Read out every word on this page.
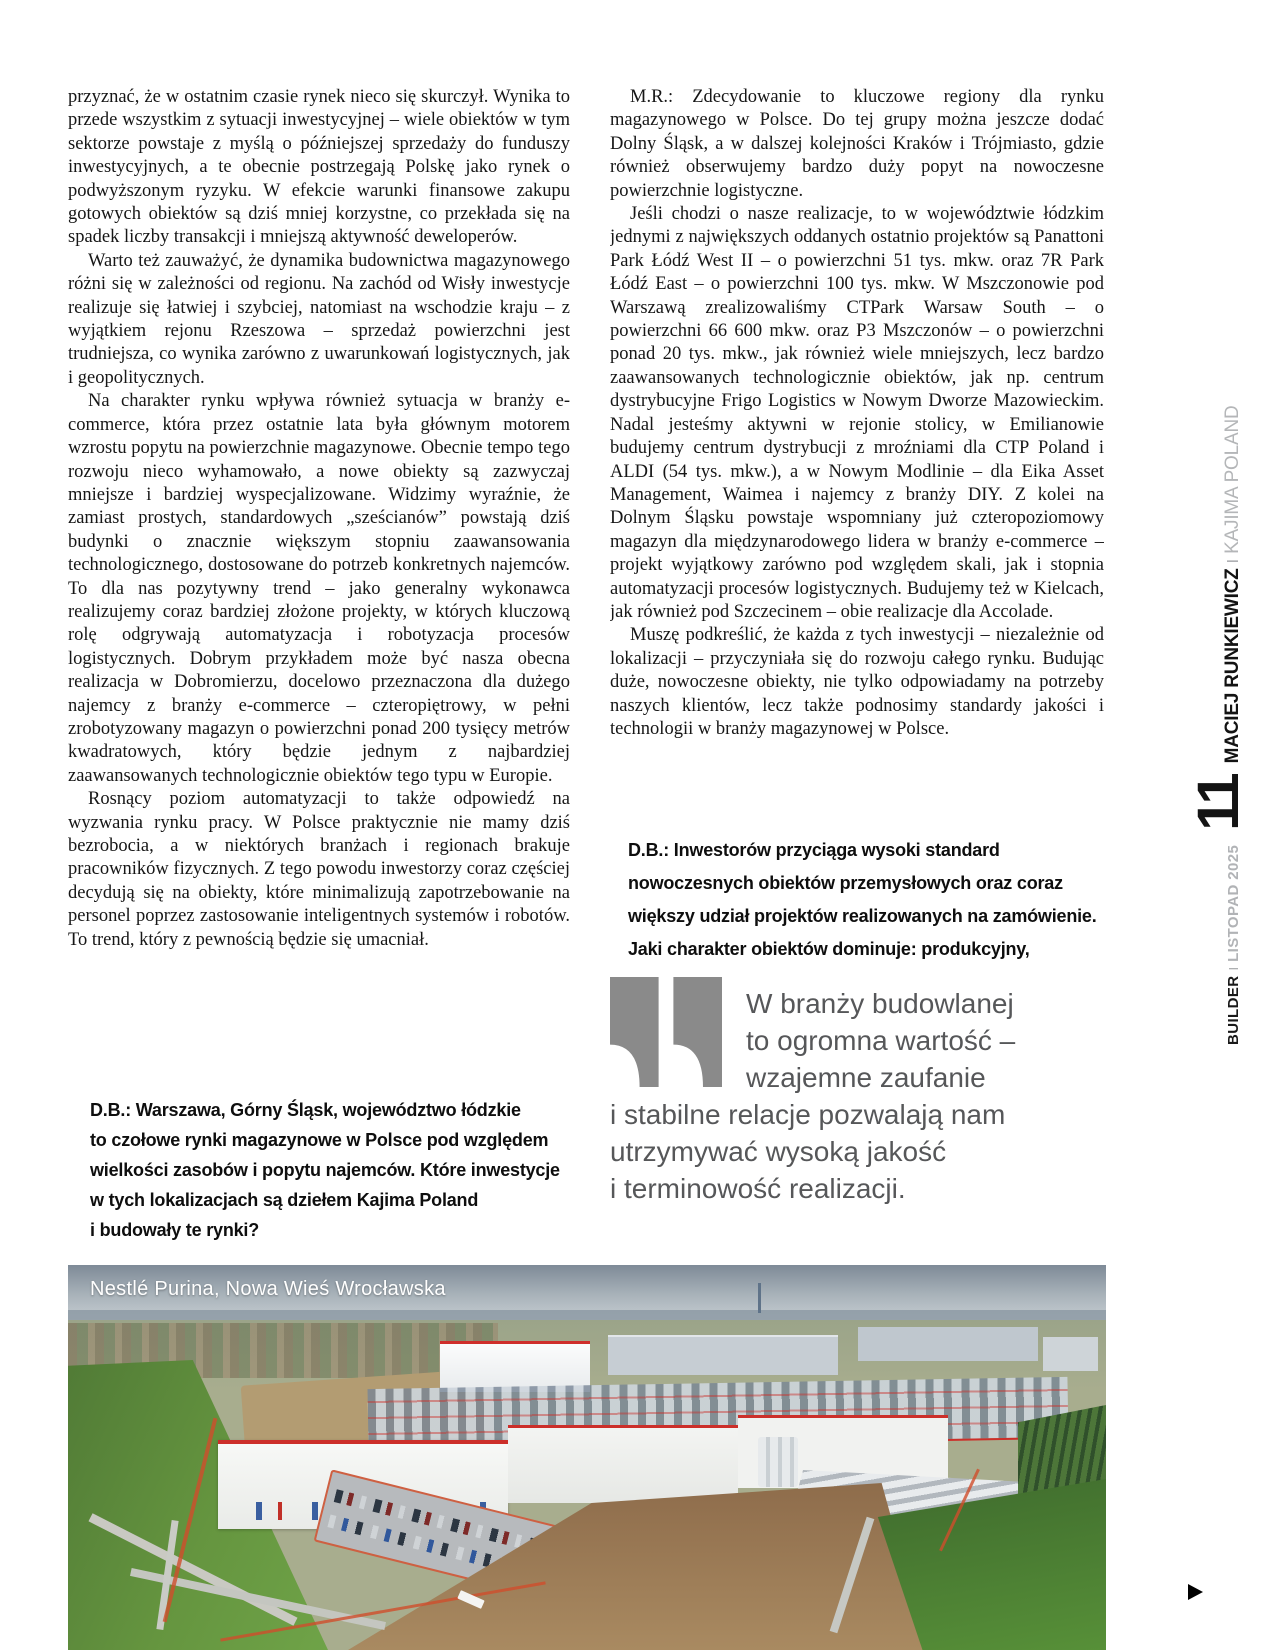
przyznać, że w ostatnim czasie rynek nieco się skurczył. Wynika to przede wszystkim z sytuacji inwestycyjnej – wiele obiektów w tym sektorze powstaje z myślą o późniejszej sprzedaży do funduszy inwestycyjnych, a te obecnie postrzegają Polskę jako rynek o podwyższonym ryzyku. W efekcie warunki finansowe zakupu gotowych obiektów są dziś mniej korzystne, co przekłada się na spadek liczby transakcji i mniejszą aktywność deweloperów.

Warto też zauważyć, że dynamika budownictwa magazynowego różni się w zależności od regionu. Na zachód od Wisły inwestycje realizuje się łatwiej i szybciej, natomiast na wschodzie kraju – z wyjątkiem rejonu Rzeszowa – sprzedaż powierzchni jest trudniejsza, co wynika zarówno z uwarunkowań logistycznych, jak i geopolitycznych.

Na charakter rynku wpływa również sytuacja w branży e-commerce, która przez ostatnie lata była głównym motorem wzrostu popytu na powierzchnie magazynowe. Obecnie tempo tego rozwoju nieco wyhamowało, a nowe obiekty są zazwyczaj mniejsze i bardziej wyspecjalizowane. Widzimy wyraźnie, że zamiast prostych, standardowych „sześcianów” powstają dziś budynki o znacznie większym stopniu zaawansowania technologicznego, dostosowane do potrzeb konkretnych najemców. To dla nas pozytywny trend – jako generalny wykonawca realizujemy coraz bardziej złożone projekty, w których kluczową rolę odgrywają automatyzacja i robotyzacja procesów logistycznych. Dobrym przykładem może być nasza obecna realizacja w Dobromierzu, docelowo przeznaczona dla dużego najemcy z branży e-commerce – czteropiętrowy, w pełni zrobotyzowany magazyn o powierzchni ponad 200 tysięcy metrów kwadratowych, który będzie jednym z najbardziej zaawansowanych technologicznie obiektów tego typu w Europie.

Rosnący poziom automatyzacji to także odpowiedź na wyzwania rynku pracy. W Polsce praktycznie nie mamy dziś bezrobocia, a w niektórych branżach i regionach brakuje pracowników fizycznych. Z tego powodu inwestorzy coraz częściej decydują się na obiekty, które minimalizują zapotrzebowanie na personel poprzez zastosowanie inteligentnych systemów i robotów. To trend, który z pewnością będzie się umacniał.

M.R.: Zdecydowanie to kluczowe regiony dla rynku magazynowego w Polsce. Do tej grupy można jeszcze dodać Dolny Śląsk, a w dalszej kolejności Kraków i Trójmiasto, gdzie również obserwujemy bardzo duży popyt na nowoczesne powierzchnie logistyczne.

Jeśli chodzi o nasze realizacje, to w województwie łódzkim jednymi z największych oddanych ostatnio projektów są Panattoni Park Łódź West II – o powierzchni 51 tys. mkw. oraz 7R Park Łódź East – o powierzchni 100 tys. mkw. W Mszczonowie pod Warszawą zrealizowaliśmy CTPark Warsaw South – o powierzchni 66 600 mkw. oraz P3 Mszczonów – o powierzchni ponad 20 tys. mkw., jak również wiele mniejszych, lecz bardzo zaawansowanych technologicznie obiektów, jak np. centrum dystrybucyjne Frigo Logistics w Nowym Dworze Mazowieckim. Nadal jesteśmy aktywni w rejonie stolicy, w Emilianowie budujemy centrum dystrybucji z mroźniami dla CTP Poland i ALDI (54 tys. mkw.), a w Nowym Modlinie – dla Eika Asset Management, Waimea i najemcy z branży DIY. Z kolei na Dolnym Śląsku powstaje wspomniany już czteropoziomowy magazyn dla międzynarodowego lidera w branży e-commerce – projekt wyjątkowy zarówno pod względem skali, jak i stopnia automatyzacji procesów logistycznych. Budujemy też w Kielcach, jak również pod Szczecinem – obie realizacje dla Accolade.

Muszę podkreślić, że każda z tych inwestycji – niezależnie od lokalizacji – przyczyniała się do rozwoju całego rynku. Budując duże, nowoczesne obiekty, nie tylko odpowiadamy na potrzeby naszych klientów, lecz także podnosimy standardy jakości i technologii w branży magazynowej w Polsce.

D.B.: Warszawa, Górny Śląsk, województwo łódzkie
to czołowe rynki magazynowe w Polsce pod względem
wielkości zasobów i popytu najemców. Które inwestycje
w tych lokalizacjach są dziełem Kajima Poland
i budowały te rynki?
D.B.: Inwestorów przyciąga wysoki standard
nowoczesnych obiektów przemysłowych oraz coraz
większy udział projektów realizowanych na zamówienie.
Jaki charakter obiektów dominuje: produkcyjny,
W branży budowlanej
to ogromna wartość –
wzajemne zaufanie
i stabilne relacje pozwalają nam
utrzymywać wysoką jakość
i terminowość realizacji.
BUILDER
I
LISTOPAD 2025
11
MACIEJ RUNKIEWICZ
I
KAJIMA POLAND
Nestlé Purina, Nowa Wieś Wrocławska
